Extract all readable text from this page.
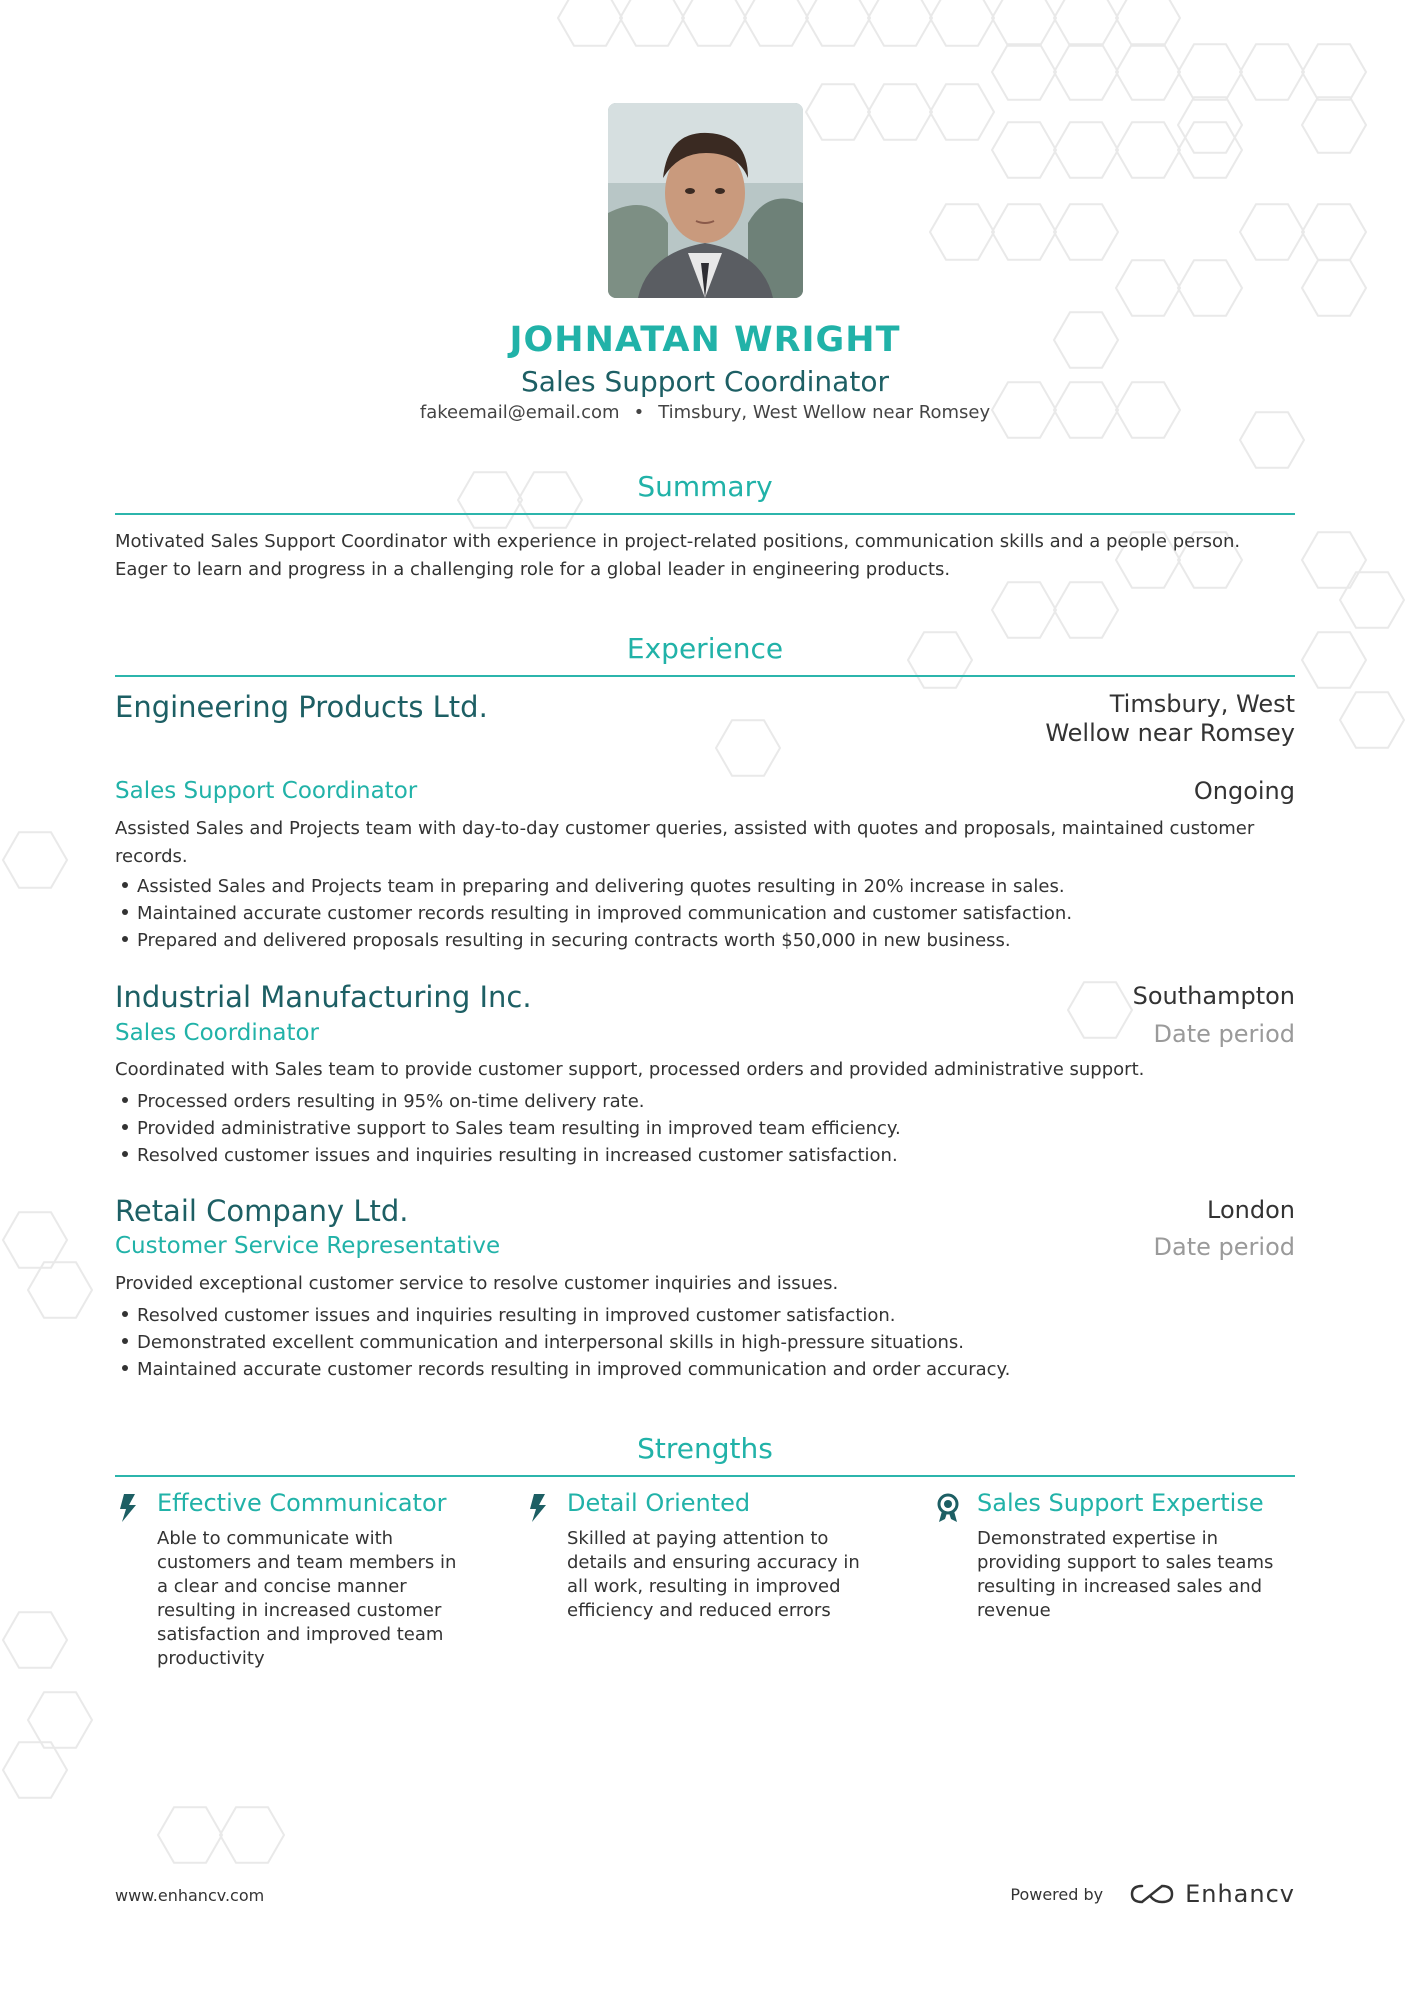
JOHNATAN WRIGHT
Sales Support Coordinator
fakeemail@email.com • Timsbury, West Wellow near Romsey
Summary

Motivated Sales Support Coordinator with experience in project-related positions, communication skills and a people person. Eager to learn and progress in a challenging role for a global leader in engineering products.

Experience
Engineering Products Ltd.	Timsbury, West Wellow near Romsey
Sales Support Coordinator	Ongoing

Assisted Sales and Projects team with day-to-day customer queries, assisted with quotes and proposals, maintained customer records.

Assisted Sales and Projects team in preparing and delivering quotes resulting in 20% increase in sales.
Maintained accurate customer records resulting in improved communication and customer satisfaction.
Prepared and delivered proposals resulting in securing contracts worth $50,000 in new business.
Industrial Manufacturing Inc.	Southampton
Sales Coordinator	Date period

Coordinated with Sales team to provide customer support, processed orders and provided administrative support.

Processed orders resulting in 95% on-time delivery rate.
Provided administrative support to Sales team resulting in improved team efficiency.
Resolved customer issues and inquiries resulting in increased customer satisfaction.
Retail Company Ltd.	London
Customer Service Representative	Date period

Provided exceptional customer service to resolve customer inquiries and issues.

Resolved customer issues and inquiries resulting in improved customer satisfaction.
Demonstrated excellent communication and interpersonal skills in high-pressure situations.
Maintained accurate customer records resulting in improved communication and order accuracy.
Strengths
Effective Communicator
Able to communicate with customers and team members in a clear and concise manner resulting in increased customer satisfaction and improved team productivity
Detail Oriented
Skilled at paying attention to details and ensuring accuracy in all work, resulting in improved efficiency and reduced errors
Sales Support Expertise
Demonstrated expertise in providing support to sales teams resulting in increased sales and revenue
www.enhancv.com	Powered by	Enhancv
